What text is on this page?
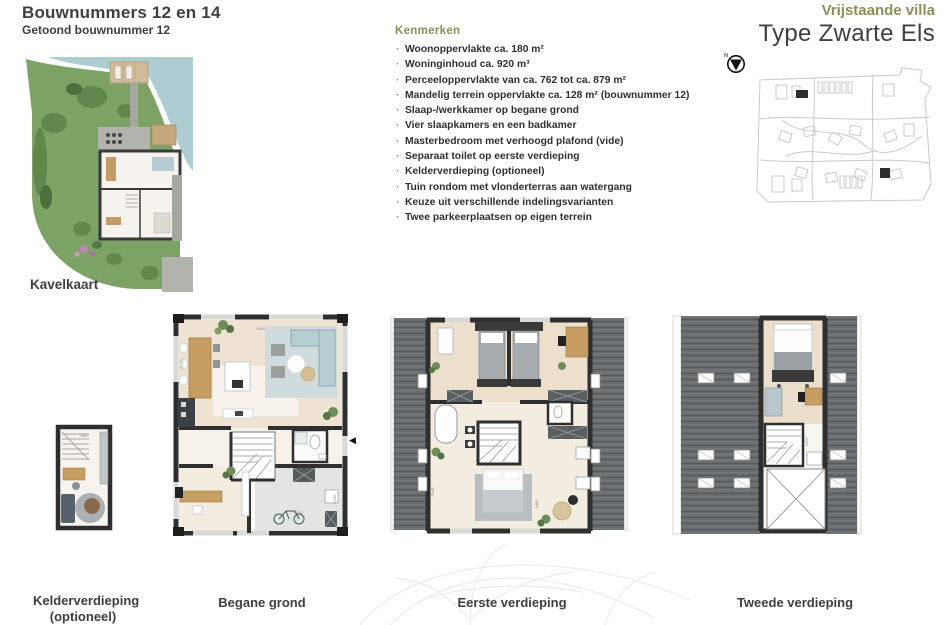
Bouwnummers 12 en 14
Getoond bouwnummer 12
Vrijstaande villa
Type Zwarte Els
Kenmerken
· Woonoppervlakte ca. 180 m²
· Woninginhoud ca. 920 m³
· Perceeloppervlakte van ca. 762 tot ca. 879 m²
· Mandelig terrein oppervlakte ca. 128 m² (bouwnummer 12)
· Slaap-/werkkamer op begane grond
· Vier slaapkamers en een badkamer
· Masterbedroom met verhoogd plafond (vide)
· Separaat toilet op eerste verdieping
· Kelderverdieping (optioneel)
· Tuin rondom met vlonderterras aan watergang
· Keuze uit verschillende indelingsvarianten
· Twee parkeerplaatsen op eigen terrein
N
Kavelkaart
2860
8060
5140
4560
2440
◀
3105
5460
3470
Kelderverdieping
(optioneel)
Begane grond	Eerste verdieping	Tweede verdieping
